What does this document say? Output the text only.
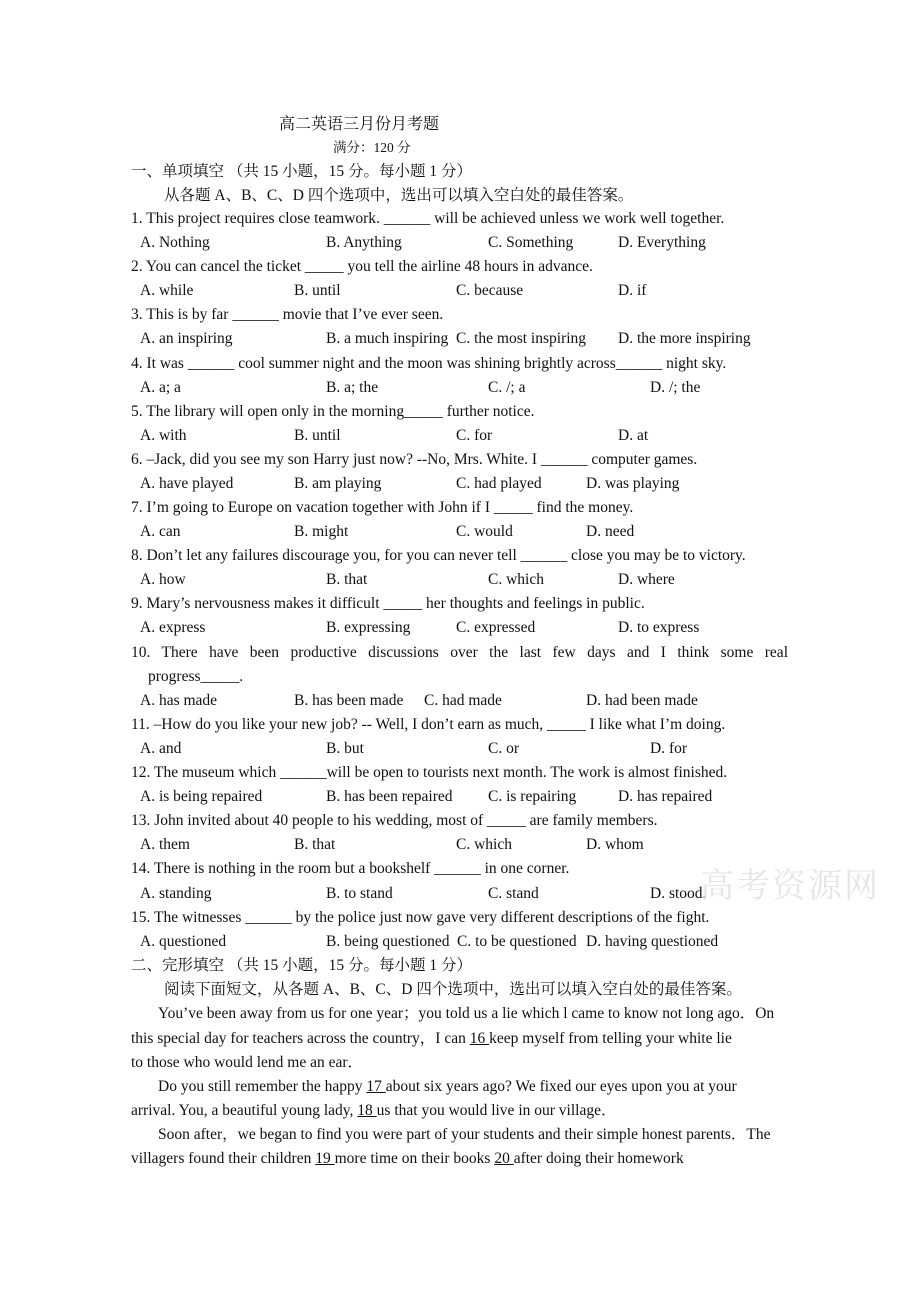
高二英语三月份月考题
满分：120 分
一、单项填空 （共 15 小题，15 分。每小题 1 分）
从各题 A、B、C、D 四个选项中，选出可以填入空白处的最佳答案。
1. This project requires close teamwork. ______ will be achieved unless we work well together.
A. Nothing	B. Anything	C. Something	D. Everything
2. You can cancel the ticket _____ you tell the airline 48 hours in advance.
A. while	B. until	C. because	D. if
3. This is by far ______ movie that I’ve ever seen.
A. an inspiring	B. a much inspiring C. the most inspiring D. the more inspiring
4. It was ______ cool summer night and the moon was shining brightly across______ night sky.
A. a; a	B. a; the	C. /; a	D. /; the
5. The library will open only in the morning_____ further notice.
A. with	B. until	C. for	D. at
6. –Jack, did you see my son Harry just now? --No, Mrs. White. I ______ computer games.
A. have played	B. am playing	C. had played	D. was playing
7. I’m going to Europe on vacation together with John if I _____ find the money.
A. can	B. might	C. would	D. need
8. Don’t let any failures discourage you, for you can never tell ______ close you may be to victory.
A. how	B. that	C. which	D. where
9. Mary’s nervousness makes it difficult _____ her thoughts and feelings in public.
A. express	B. expressing	C. expressed	D. to express
10. There have been productive discussions over the last few days and I think some real
progress_____.
A. has made	B. has been made C. had made	D. had been made
11. –How do you like your new job? -- Well, I don’t earn as much, _____ I like what I’m doing.
A. and	B. but	C. or	D. for
12. The museum which ______will be open to tourists next month. The work is almost finished.
A. is being repaired	B. has been repaired C. is repairing	D. has repaired
13. John invited about 40 people to his wedding, most of _____ are family members.
A. them	B. that	C. which	D. whom
14. There is nothing in the room but a bookshelf ______ in one corner.
A. standing	B. to stand	C. stand	D. stood.
高考资源网
15. The witnesses ______ by the police just now gave very different descriptions of the fight.
A. questioned	B. being questioned C. to be questioned D. having questioned
二、完形填空 （共 15 小题，15 分。每小题 1 分）
阅读下面短文，从各题 A、B、C、D 四个选项中，选出可以填入空白处的最佳答案。
You’ve been away from us for one year；you told us a lie which l came to know not long ago．On
this special day for teachers across the country，I can 16 keep myself from telling your white lie
to those who would lend me an ear．
Do you still remember the happy 17 about six years ago? We fixed our eyes upon you at your
arrival. You, a beautiful young lady, 18 us that you would live in our village．
Soon after，we began to find you were part of your students and their simple honest parents．The
villagers found their children 19 more time on their books 20 after doing their homework
